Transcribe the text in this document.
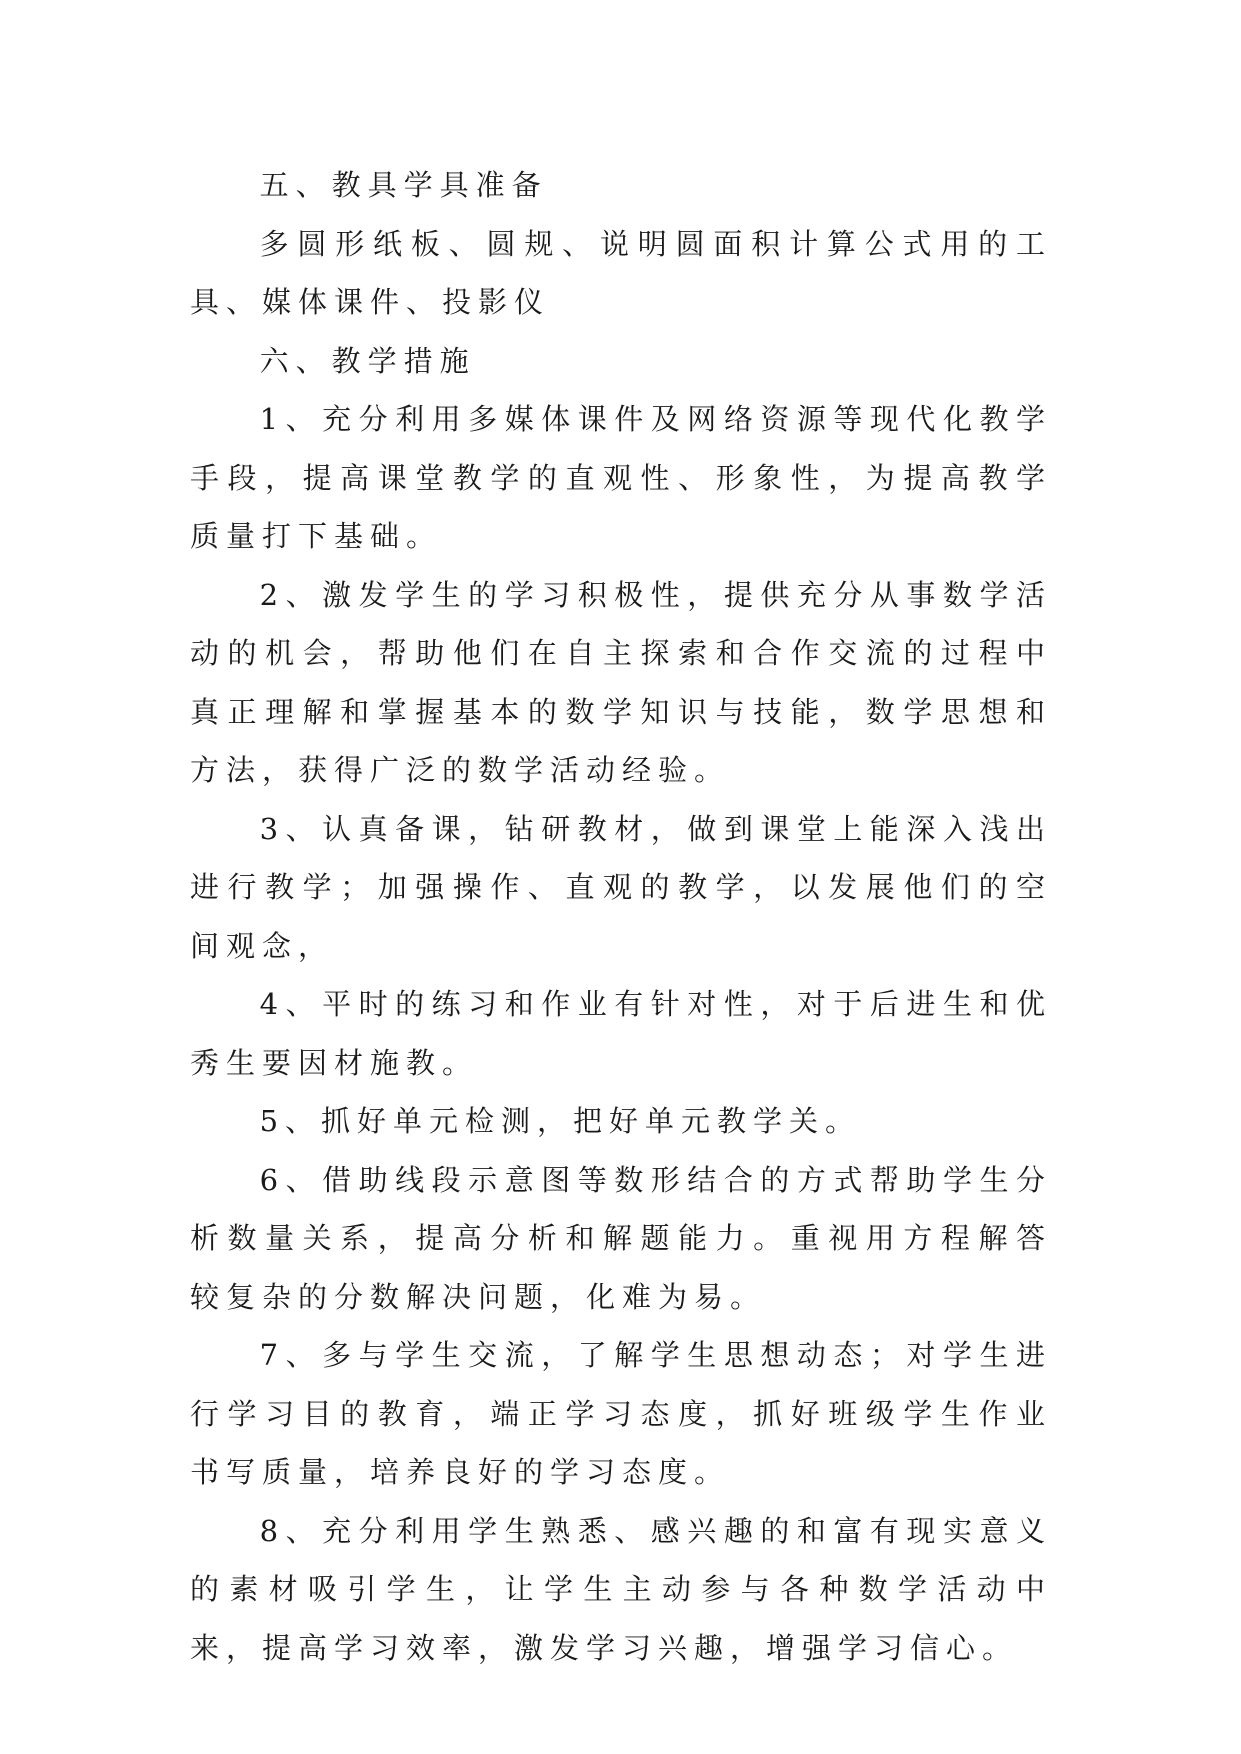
五、教具学具准备

多圆形纸板、圆规、说明圆面积计算公式用的工具、媒体课件、投影仪

六、教学措施

1、充分利用多媒体课件及网络资源等现代化教学手段，提高课堂教学的直观性、形象性，为提高教学质量打下基础。

2、激发学生的学习积极性，提供充分从事数学活动的机会，帮助他们在自主探索和合作交流的过程中真正理解和掌握基本的数学知识与技能，数学思想和方法，获得广泛的数学活动经验。

3、认真备课，钻研教材，做到课堂上能深入浅出进行教学；加强操作、直观的教学，以发展他们的空间观念，

4、平时的练习和作业有针对性，对于后进生和优秀生要因材施教。

5、抓好单元检测，把好单元教学关。

6、借助线段示意图等数形结合的方式帮助学生分析数量关系，提高分析和解题能力。重视用方程解答较复杂的分数解决问题，化难为易。

7、多与学生交流，了解学生思想动态；对学生进行学习目的教育，端正学习态度，抓好班级学生作业书写质量，培养良好的学习态度。

8、充分利用学生熟悉、感兴趣的和富有现实意义的素材吸引学生，让学生主动参与各种数学活动中来，提高学习效率，激发学习兴趣，增强学习信心。
